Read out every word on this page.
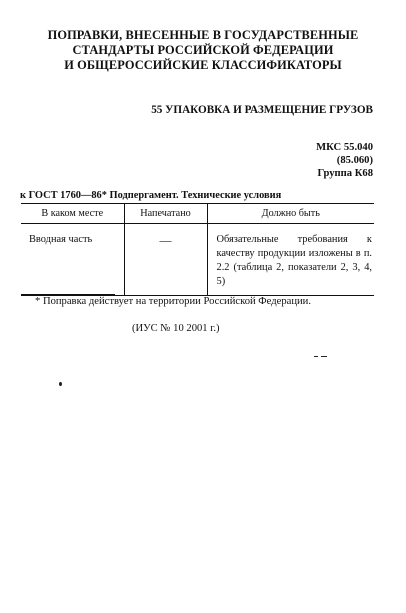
ПОПРАВКИ, ВНЕСЕННЫЕ В ГОСУДАРСТВЕННЫЕ
СТАНДАРТЫ РОССИЙСКОЙ ФЕДЕРАЦИИ
И ОБЩЕРОССИЙСКИЕ КЛАССИФИКАТОРЫ
55 УПАКОВКА И РАЗМЕЩЕНИЕ ГРУЗОВ
МКС 55.040
(85.060)
Группа К68
к ГОСТ 1760—86* Подпергамент. Технические условия
В каком месте	Напечатано	Должно быть
Вводная часть	—	Обязательные требования к качеству продукции изложены в п. 2.2 (таблица 2, показатели 2, 3, 4, 5)
* Поправка действует на территории Российской Федерации.
(ИУС № 10 2001 г.)
